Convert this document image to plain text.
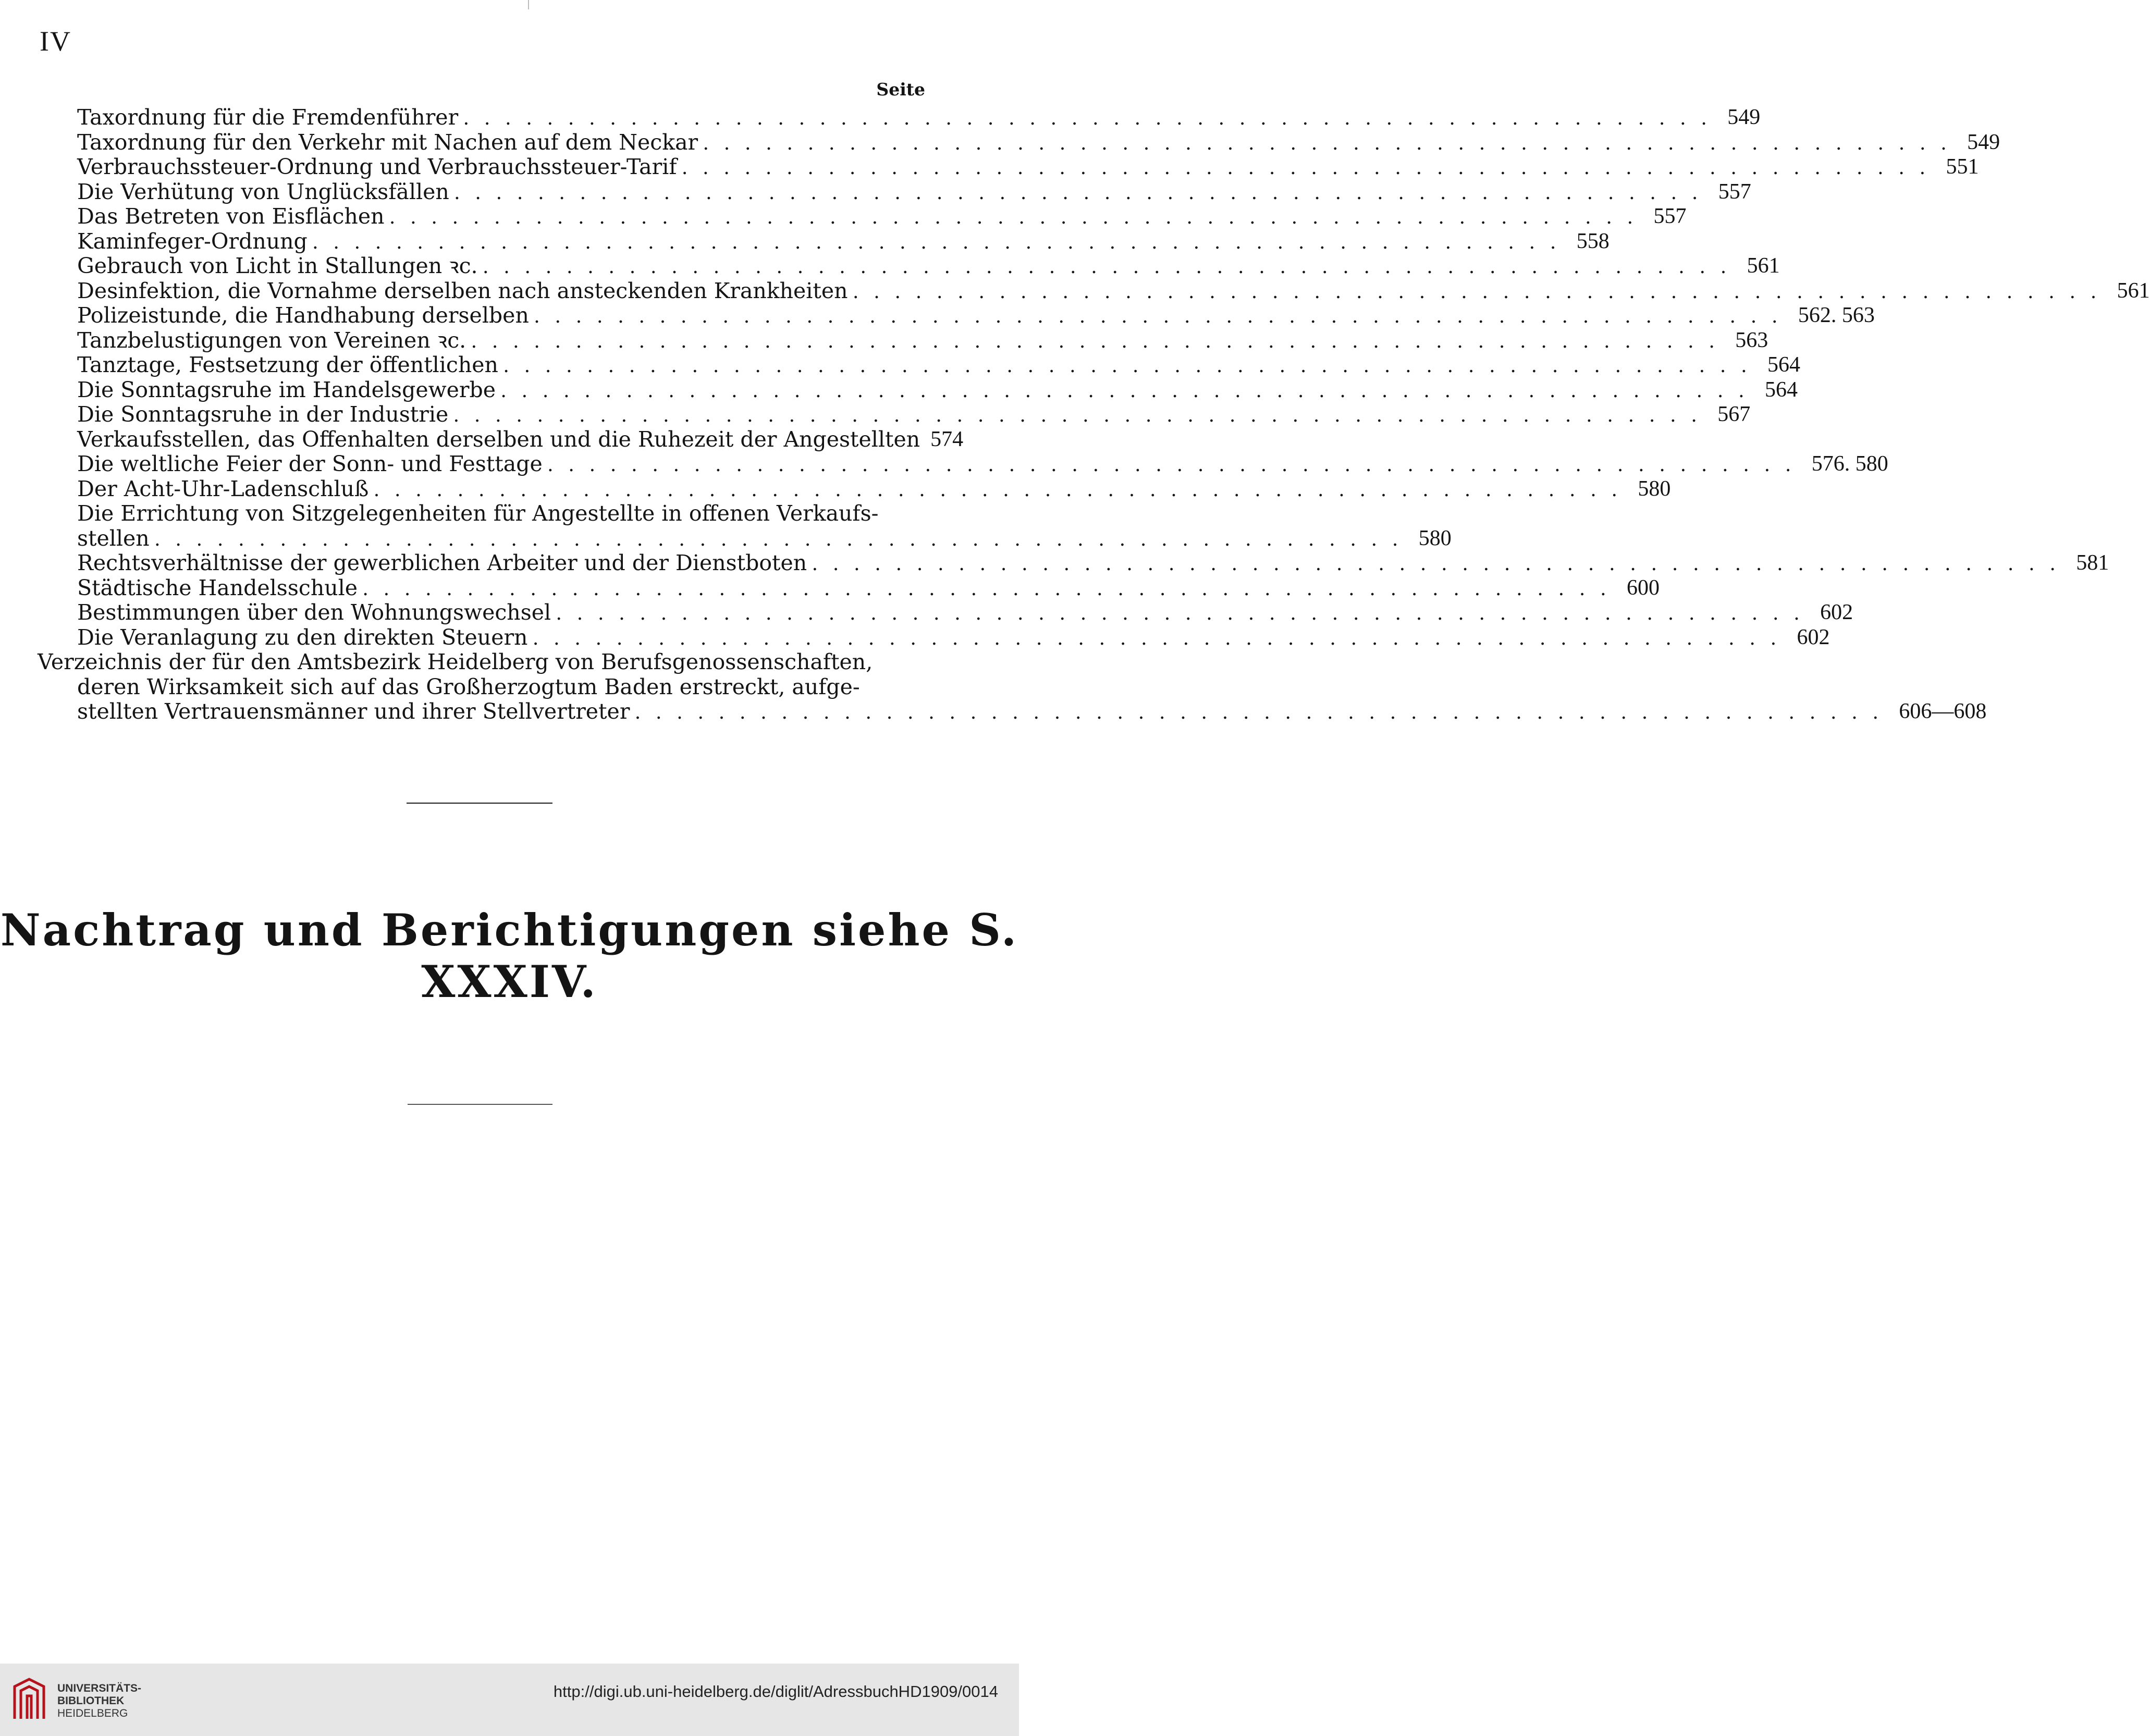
IV
Seite
Taxordnung für die Fremdenführer ............................................................ 549
Taxordnung für den Verkehr mit Nachen auf dem Neckar ............................................................ 549
Verbrauchssteuer-Ordnung und Verbrauchssteuer-Tarif ............................................................ 551
Die Verhütung von Unglücksfällen ............................................................ 557
Das Betreten von Eisflächen ............................................................ 557
Kaminfeger-Ordnung ............................................................ 558
Gebrauch von Licht in Stallungen ꝛc. ............................................................ 561
Desinfektion, die Vornahme derselben nach ansteckenden Krankheiten ............................................................ 561
Polizeistunde, die Handhabung derselben ............................................................ 562. 563
Tanzbelustigungen von Vereinen ꝛc. ............................................................ 563
Tanztage, Festsetzung der öffentlichen ............................................................ 564
Die Sonntagsruhe im Handelsgewerbe ............................................................ 564
Die Sonntagsruhe in der Industrie ............................................................ 567
Verkaufsstellen, das Offenhalten derselben und die Ruhezeit der Angestellten 574
Die weltliche Feier der Sonn- und Festtage ............................................................ 576. 580
Der Acht-Uhr-Ladenschluß ............................................................ 580
Die Errichtung von Sitzgelegenheiten für Angestellte in offenen Verkaufs-
stellen ............................................................ 580
Rechtsverhältnisse der gewerblichen Arbeiter und der Dienstboten ............................................................ 581
Städtische Handelsschule ............................................................ 600
Bestimmungen über den Wohnungswechsel ............................................................ 602
Die Veranlagung zu den direkten Steuern ............................................................ 602
Verzeichnis der für den Amtsbezirk Heidelberg von Berufsgenossenschaften,
deren Wirksamkeit sich auf das Großherzogtum Baden erstreckt, aufge-
stellten Vertrauensmänner und ihrer Stellvertreter ............................................................ 606—608
Nachtrag und Berichtigungen siehe S. XXXIV.
UNIVERSITÄTS-
BIBLIOTHEK
HEIDELBERG
http://digi.ub.uni-heidelberg.de/diglit/AdressbuchHD1909/0014
